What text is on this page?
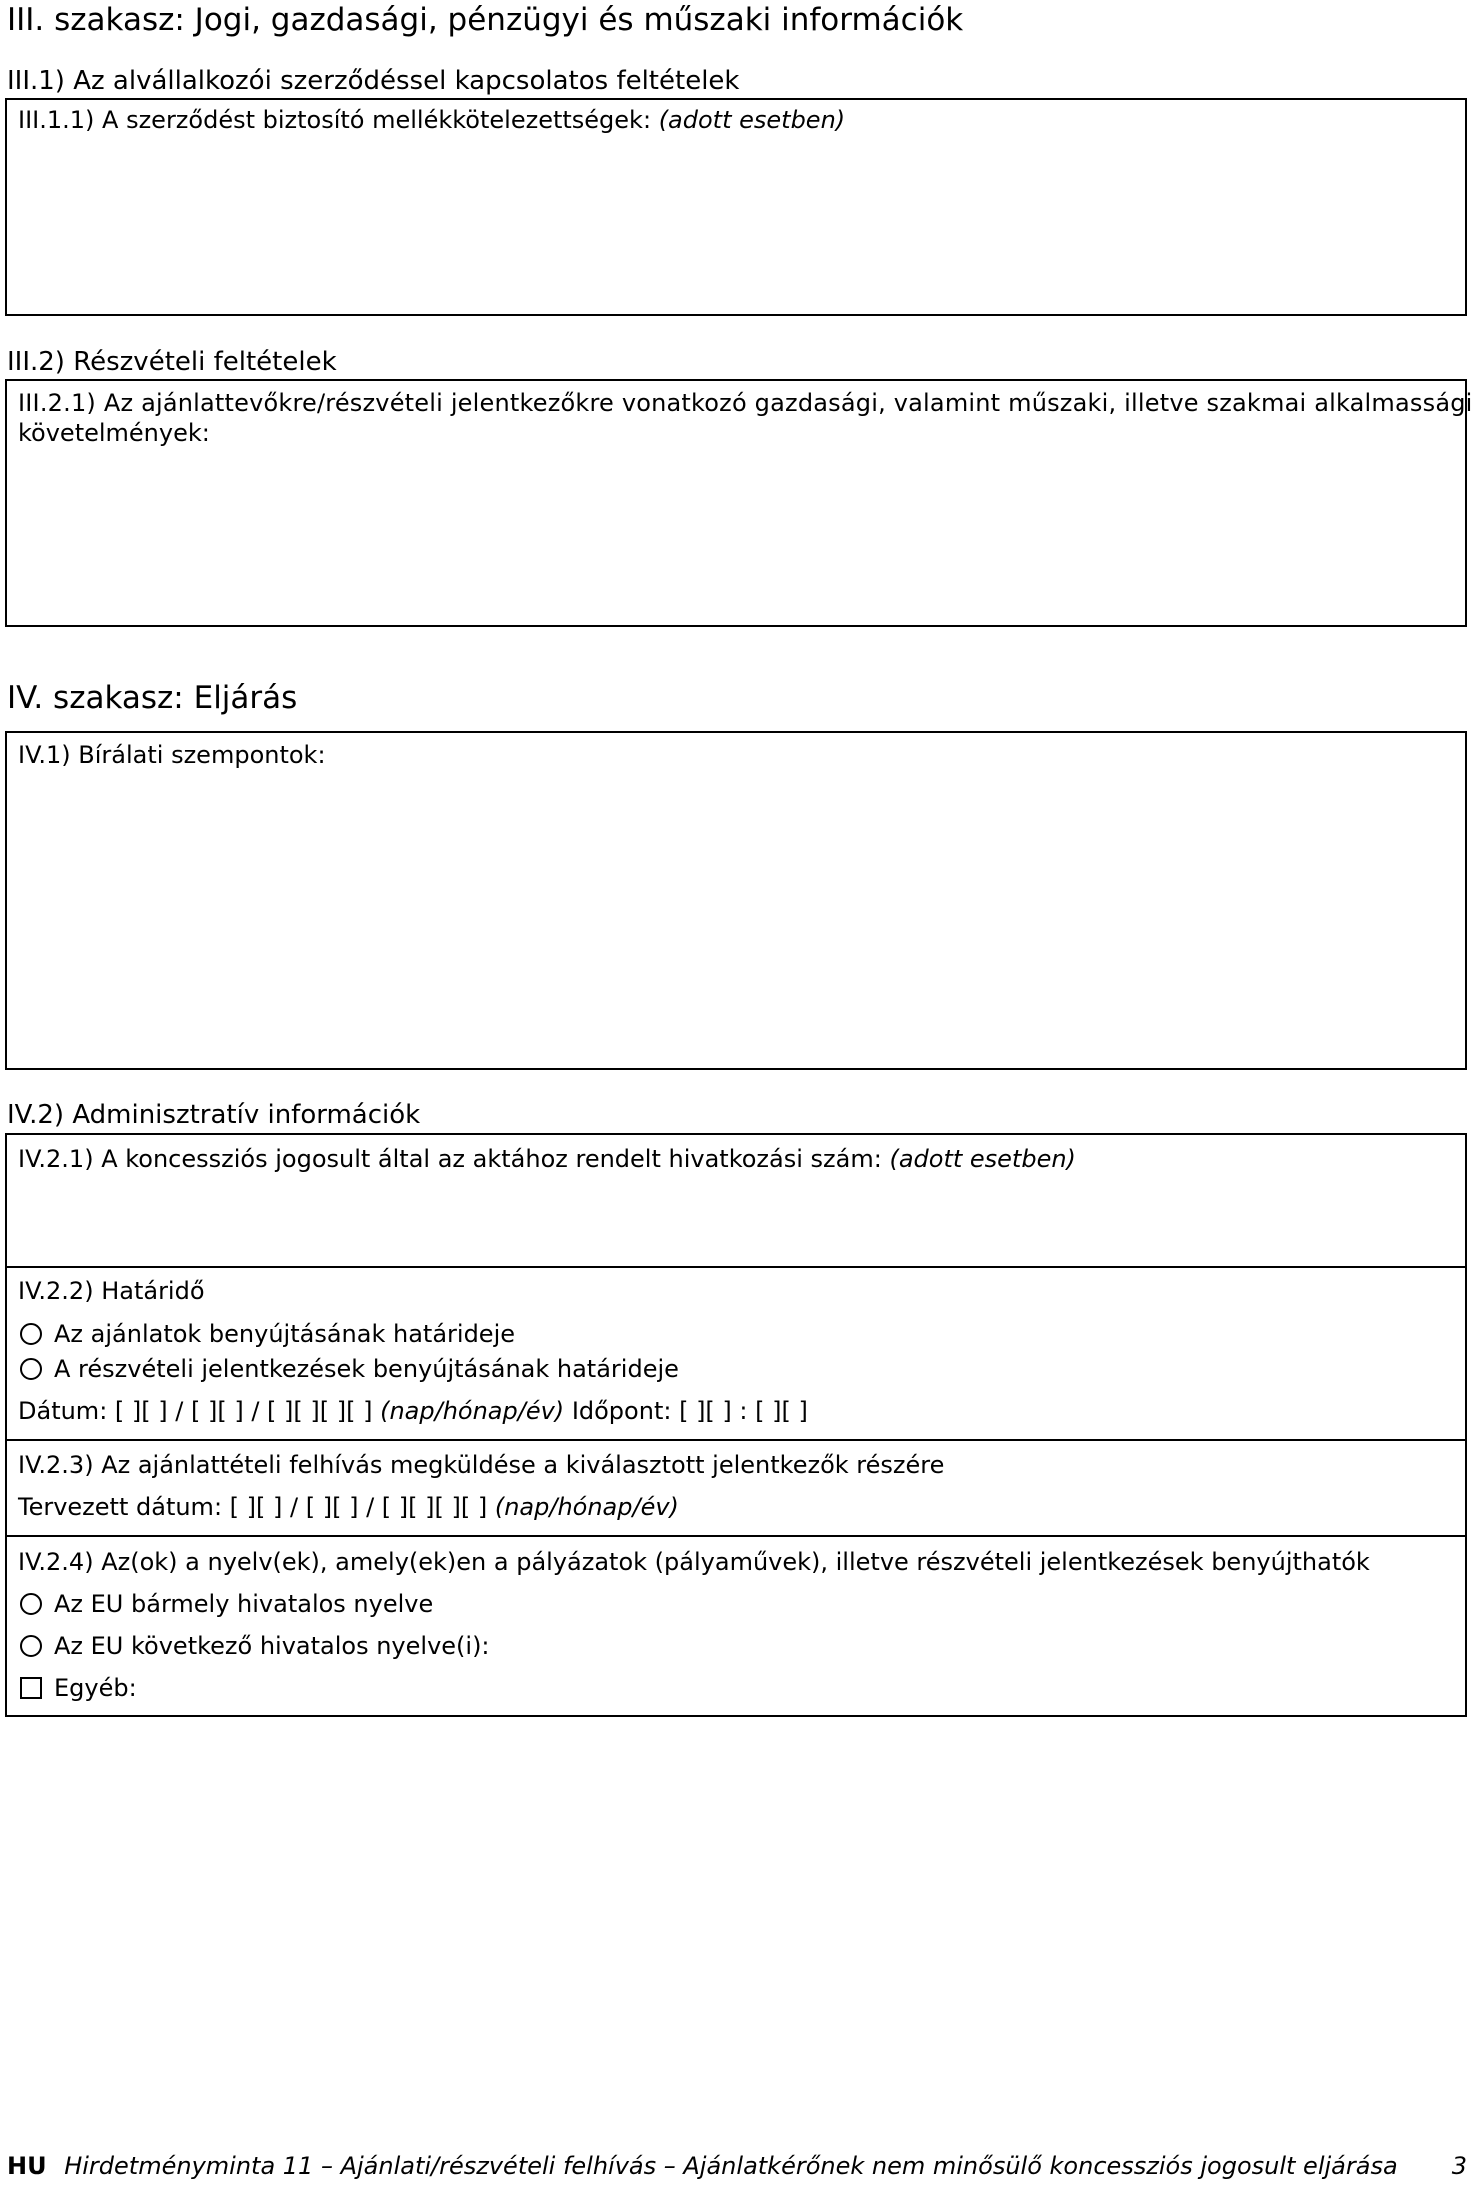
III. szakasz: Jogi, gazdasági, pénzügyi és műszaki információk
III.1) Az alvállalkozói szerződéssel kapcsolatos feltételek
III.1.1) A szerződést biztosító mellékkötelezettségek: (adott esetben)
III.2) Részvételi feltételek
III.2.1) Az ajánlattevőkre/részvételi jelentkezőkre vonatkozó gazdasági, valamint műszaki, illetve szakmai alkalmassági
követelmények:
IV. szakasz: Eljárás
IV.1) Bírálati szempontok:
IV.2) Adminisztratív információk
IV.2.1) A koncessziós jogosult által az aktához rendelt hivatkozási szám: (adott esetben)
IV.2.2) Határidő
Az ajánlatok benyújtásának határideje
A részvételi jelentkezések benyújtásának határideje
Dátum: [ ][ ] / [ ][ ] / [ ][ ][ ][ ] (nap/hónap/év) Időpont: [ ][ ] : [ ][ ]
IV.2.3) Az ajánlattételi felhívás megküldése a kiválasztott jelentkezők részére
Tervezett dátum: [ ][ ] / [ ][ ] / [ ][ ][ ][ ] (nap/hónap/év)
IV.2.4) Az(ok) a nyelv(ek), amely(ek)en a pályázatok (pályaművek), illetve részvételi jelentkezések benyújthatók
Az EU bármely hivatalos nyelve
Az EU következő hivatalos nyelve(i):
Egyéb:
HU Hirdetményminta 11 – Ajánlati/részvételi felhívás – Ajánlatkérőnek nem minősülő koncessziós jogosult eljárása 3
